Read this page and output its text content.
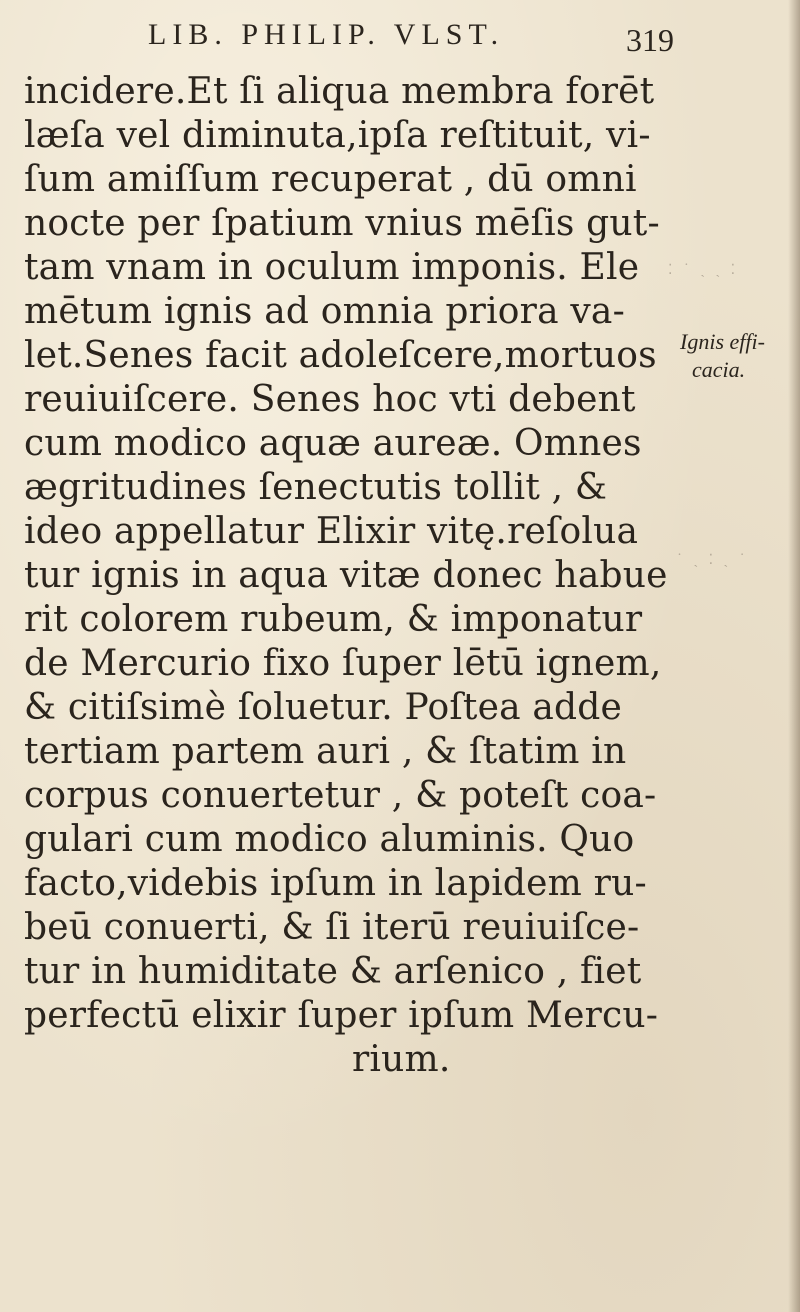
LIB. PHILIP. VLST.	319
incidere.Et ſi aliqua membra forēt
læſa vel diminuta,ipſa reſtituit, vi-
ſum amiſſum recuperat , dū omni
nocte per ſpatium vnius mēſis gut-
tam vnam in oculum imponis. Ele
mētum ignis ad omnia priora va-
let.Senes facit adoleſcere,mortuos
reuiuiſcere. Senes hoc vti debent
cum modico aquæ aureæ. Omnes
ægritudines ſenectutis tollit , &
ideo appellatur Elixir vitę.reſolua
tur ignis in aqua vitæ donec habue
rit colorem rubeum, & imponatur
de Mercurio fixo ſuper lētū ignem,
& citiſsimè ſoluetur. Poſtea adde
tertiam partem auri , & ſtatim in
corpus conuertetur , & poteſt coa-
gulari cum modico aluminis. Quo
facto,videbis ipſum in lapidem ru-
beū conuerti, & ſi iterū reuiuiſce-
tur in humiditate & arſenico , fiet
perfectū elixir ſuper ipſum Mercu-
rium.
Ignis effi-
cacia.
⁚ ˙ ˏ ˎ ⁚
˙ ˎ ⁚ ˏ ˙
